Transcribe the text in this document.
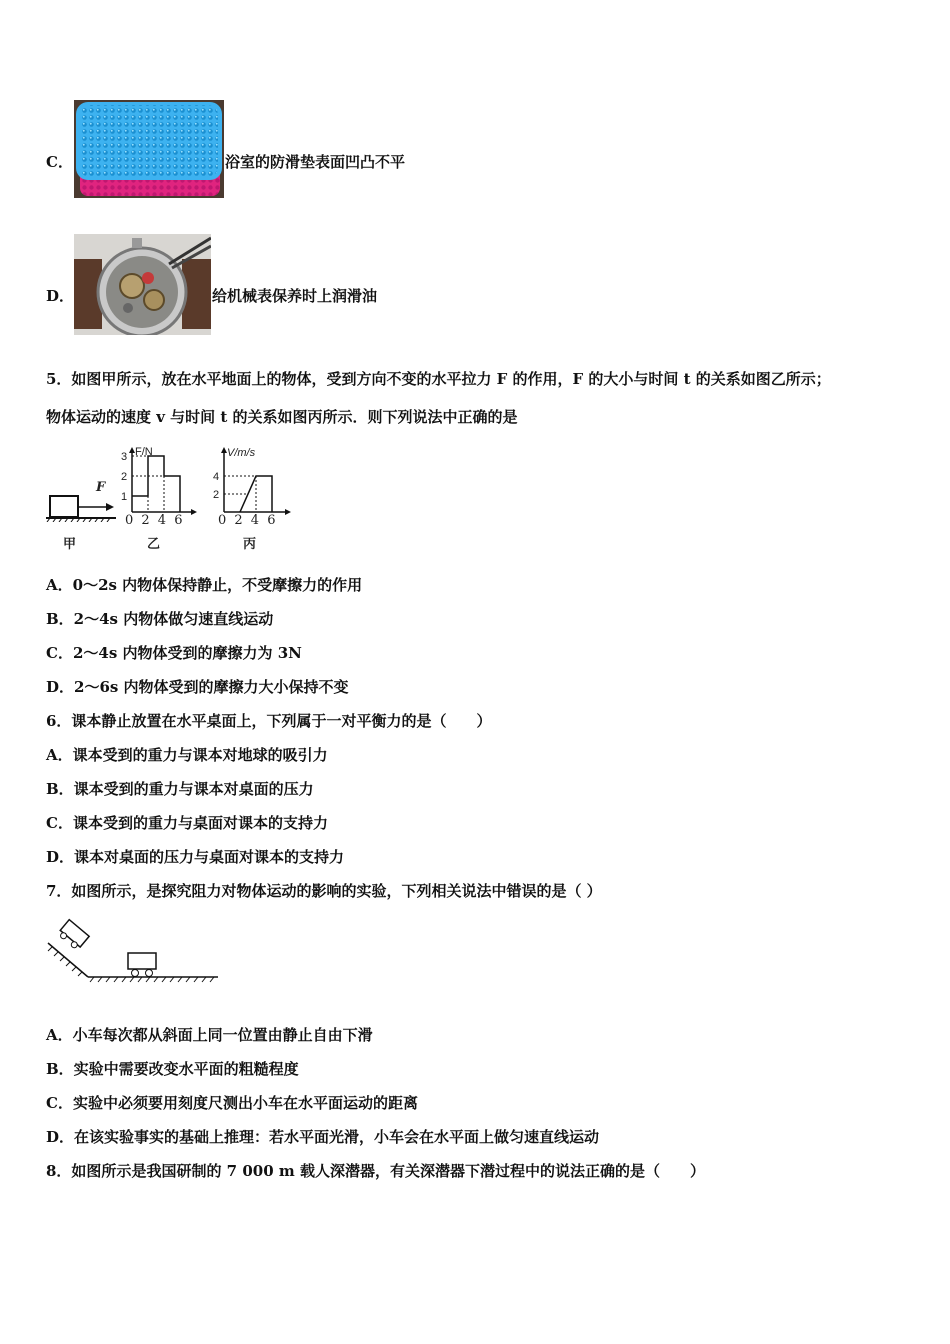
C．	浴室的防滑垫表面凹凸不平
D．	给机械表保养时上润滑油
5．如图甲所示，放在水平地面上的物体，受到方向不变的水平拉力 F 的作用，F 的大小与时间 t 的关系如图乙所示；
物体运动的速度 v 与时间 t 的关系如图丙所示．则下列说法中正确的是
F
甲
F/N
3
2
1
0 2 4 6
乙
V/m/s
4
2
0 2 4 6
丙
A．0～2s 内物体保持静止，不受摩擦力的作用
B．2～4s 内物体做匀速直线运动
C．2～4s 内物体受到的摩擦力为 3N
D．2～6s 内物体受到的摩擦力大小保持不变
6．课本静止放置在水平桌面上，下列属于一对平衡力的是（　　）
A．课本受到的重力与课本对地球的吸引力
B．课本受到的重力与课本对桌面的压力
C．课本受到的重力与桌面对课本的支持力
D．课本对桌面的压力与桌面对课本的支持力
7．如图所示，是探究阻力对物体运动的影响的实验，下列相关说法中错误的是（ ）
A．小车每次都从斜面上同一位置由静止自由下滑
B．实验中需要改变水平面的粗糙程度
C．实验中必须要用刻度尺测出小车在水平面运动的距离
D．在该实验事实的基础上推理：若水平面光滑，小车会在水平面上做匀速直线运动
8．如图所示是我国研制的 7 000 m 载人深潜器，有关深潜器下潜过程中的说法正确的是（　　）
